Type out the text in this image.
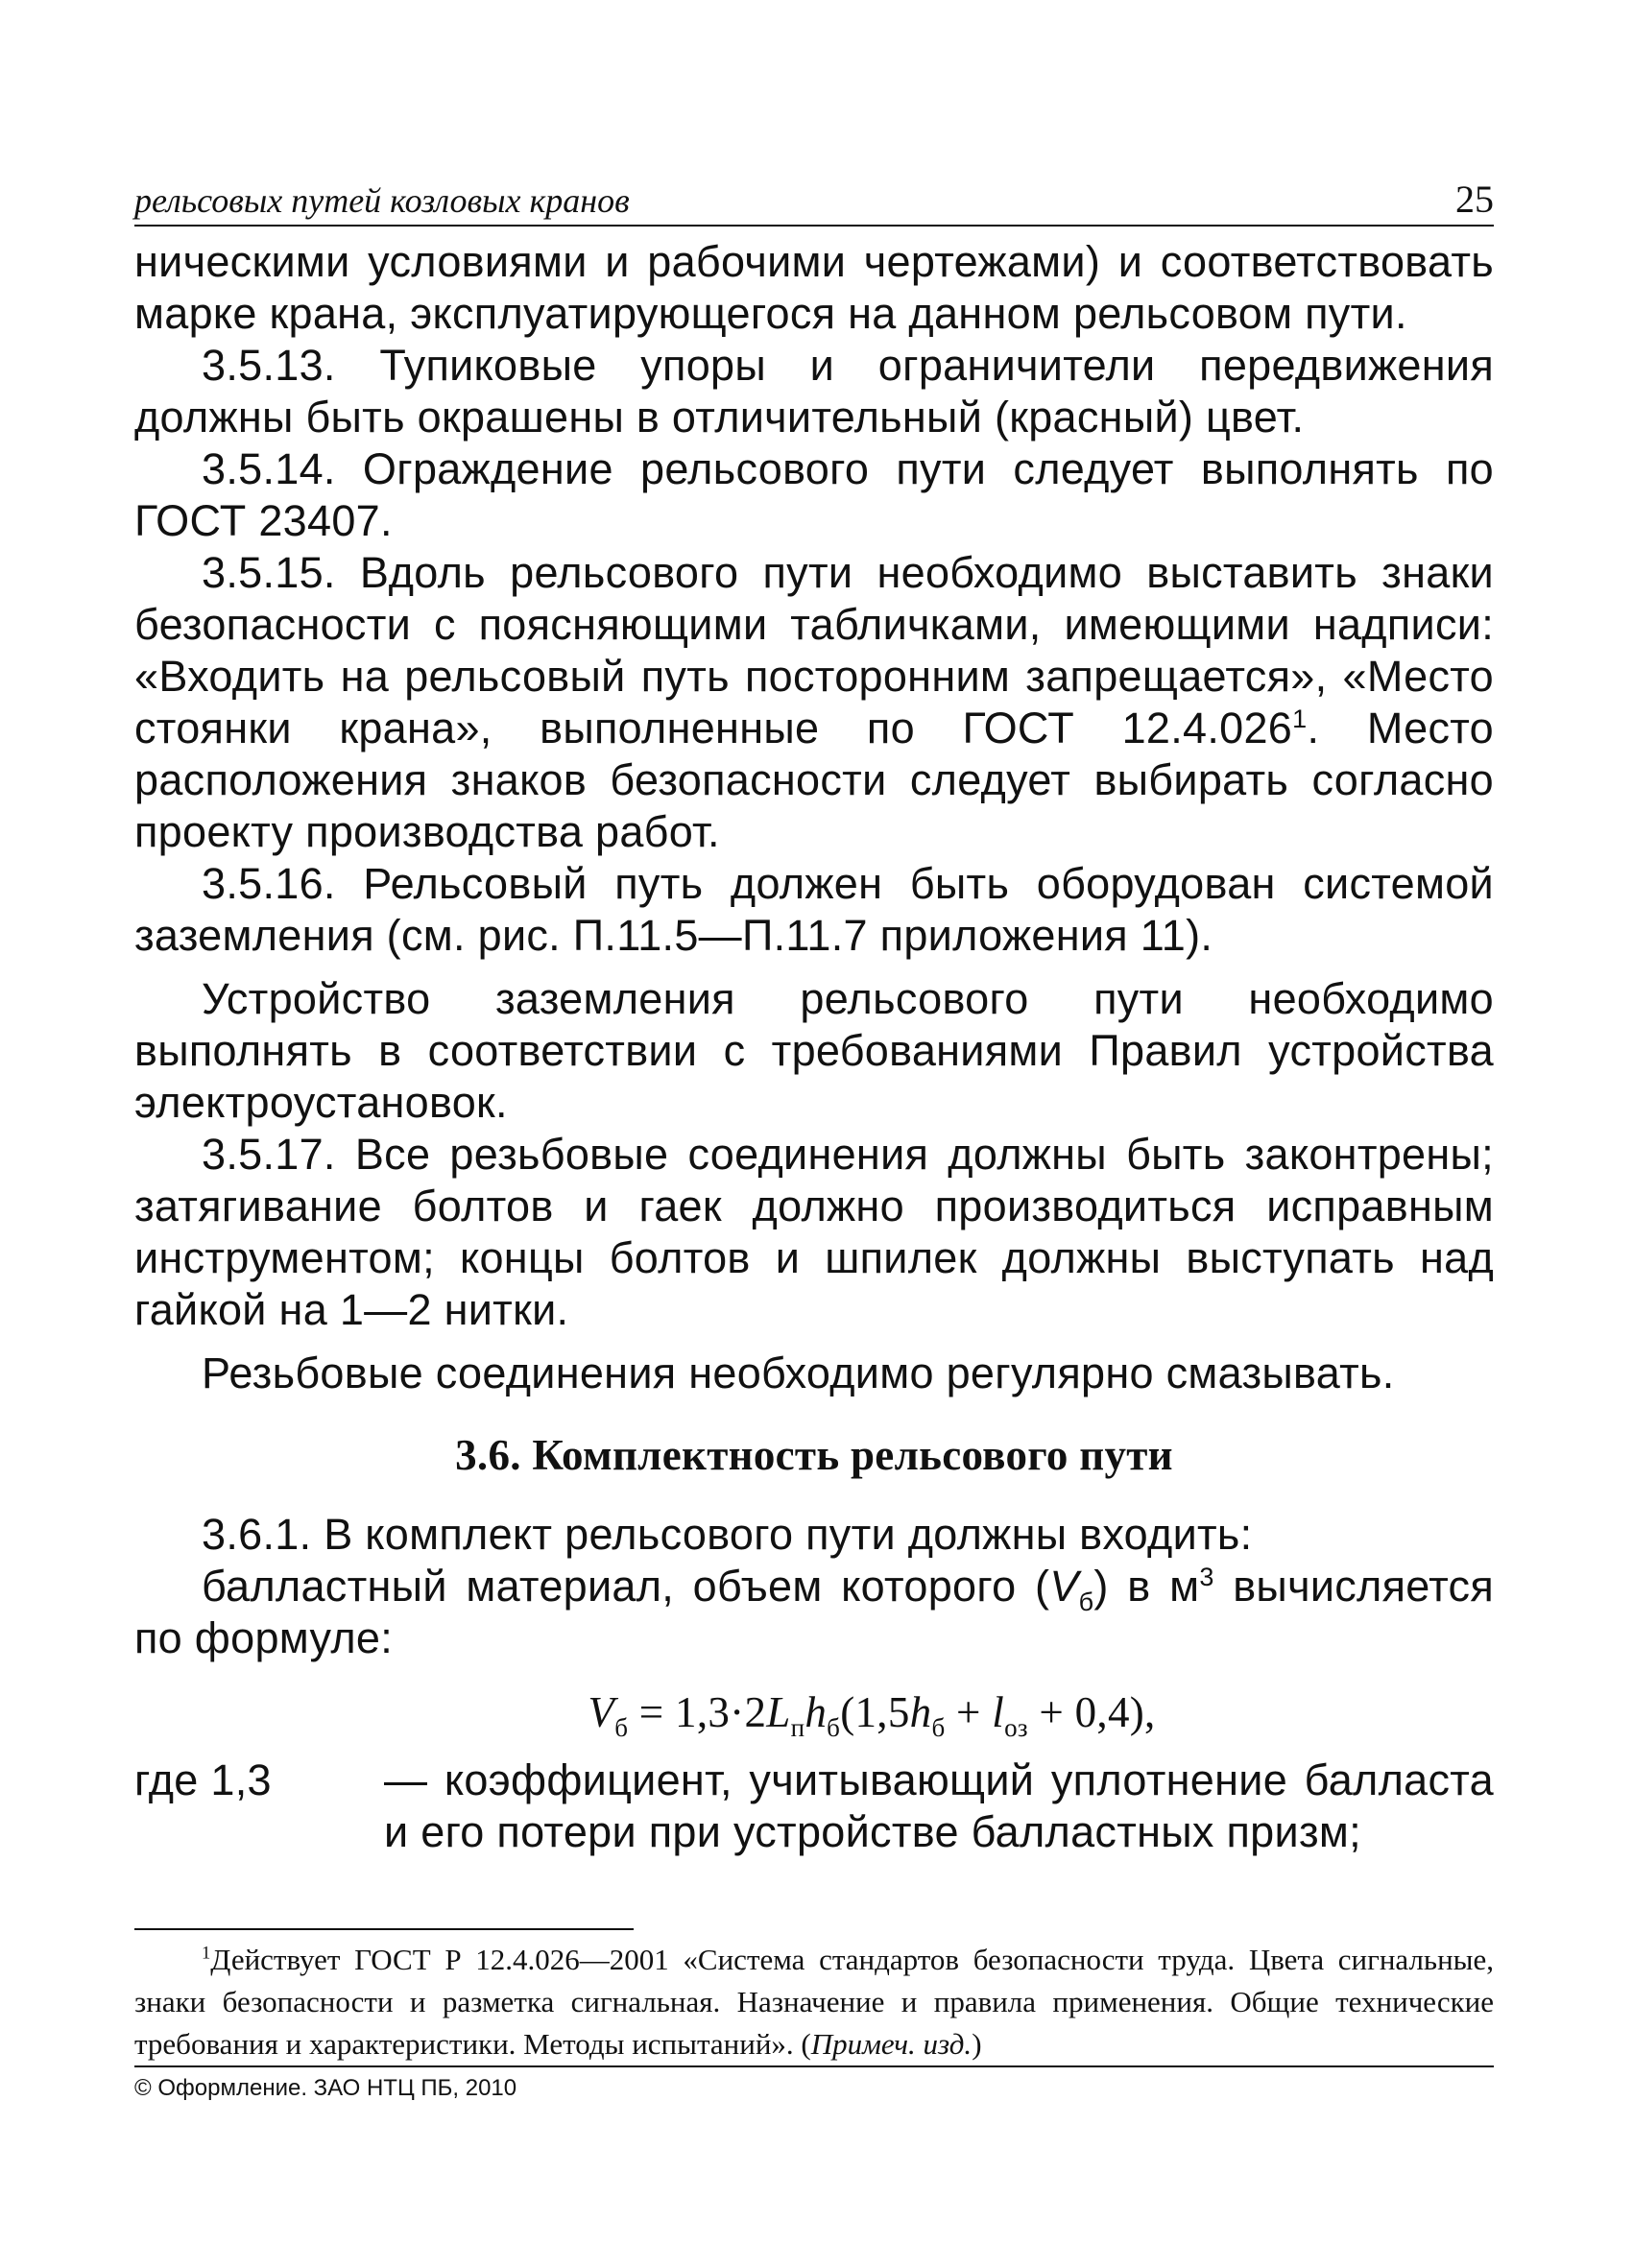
рельсовых путей козловых кранов	25

ническими условиями и рабочими чертежами) и соответствовать марке крана, эксплуатирующегося на данном рельсовом пути.

3.5.13. Тупиковые упоры и ограничители передвижения должны быть окрашены в отличительный (красный) цвет.

3.5.14. Ограждение рельсового пути следует выполнять по ГОСТ 23407.

3.5.15. Вдоль рельсового пути необходимо выставить знаки безопасности с поясняющими табличками, имеющими надписи: «Входить на рельсовый путь посторонним запрещается», «Место стоянки крана», выполненные по ГОСТ 12.4.026$^1$. Место расположения знаков безопасности следует выбирать согласно проекту производства работ.

3.5.16. Рельсовый путь должен быть оборудован системой заземления (см. рис. П.11.5—П.11.7 приложения 11).

Устройство заземления рельсового пути необходимо выполнять в соответствии с требованиями Правил устройства электроустановок.

3.5.17. Все резьбовые соединения должны быть законтрены; затягивание болтов и гаек должно производиться исправным инструментом; концы болтов и шпилек должны выступать над гайкой на 1—2 нитки.

Резьбовые соединения необходимо регулярно смазывать.

3.6. Комплектность рельсового пути

3.6.1. В комплект рельсового пути должны входить:

балластный материал, объем которого $(V_б)$ в $м^3$ вычисляется по формуле:

$V_б = 1,3\cdot 2L_пh_б(1,5h_б + l_{оз} + 0,4)$,

где 1,3	— коэффициент, учитывающий уплотнение балласта и его потери при устройстве балластных призм;

$^1$Действует ГОСТ Р 12.4.026—2001 «Система стандартов безопасности труда. Цвета сигнальные, знаки безопасности и разметка сигнальная. Назначение и правила применения. Общие технические требования и характеристики. Методы испытаний». (Примеч. изд.)

© Оформление. ЗАО НТЦ ПБ, 2010
